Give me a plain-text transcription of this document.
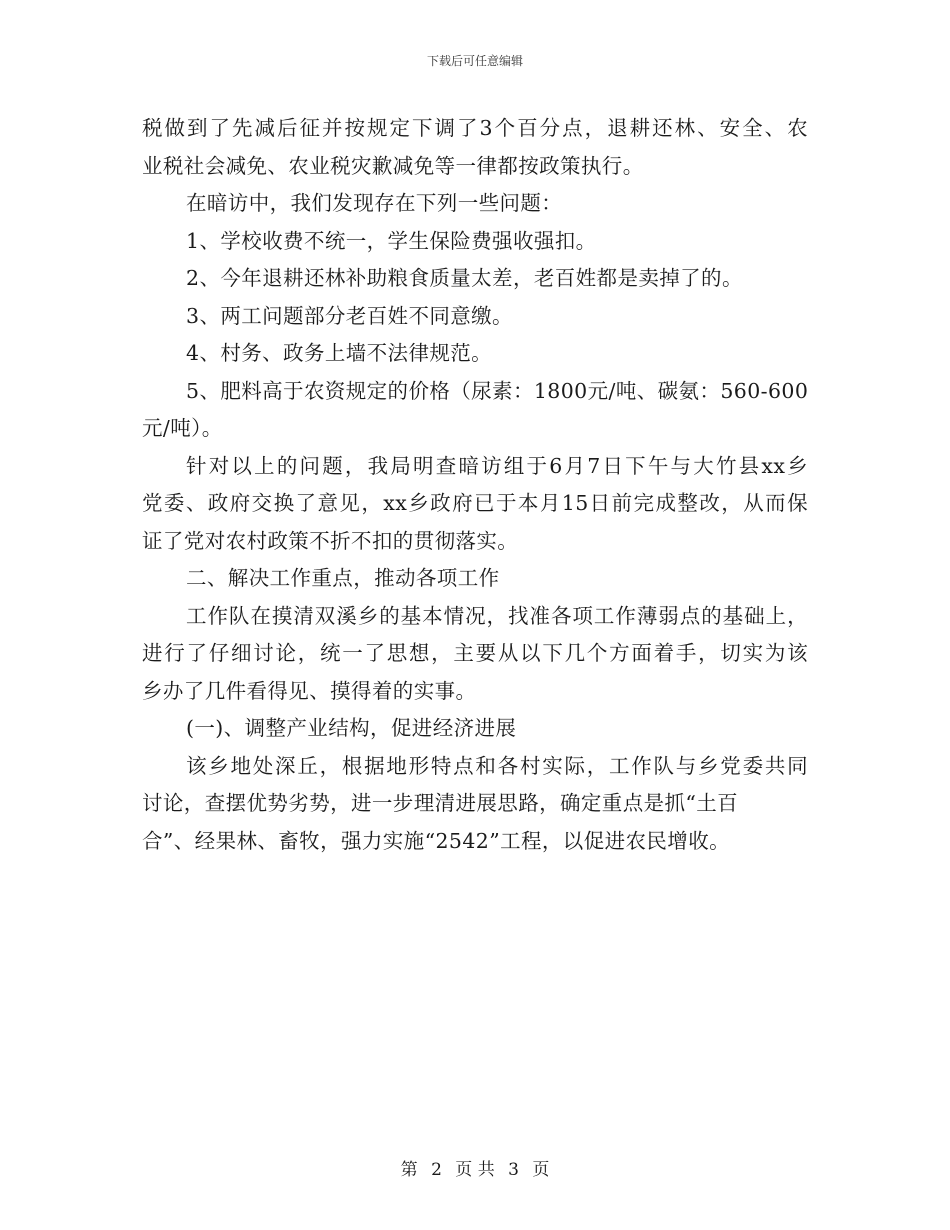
下载后可任意编辑
税做到了先减后征并按规定下调了3个百分点，退耕还林、安全、农
业税社会减免、农业税灾歉减免等一律都按政策执行。
在暗访中，我们发现存在下列一些问题：
1、学校收费不统一，学生保险费强收强扣。
2、今年退耕还林补助粮食质量太差，老百姓都是卖掉了的。
3、两工问题部分老百姓不同意缴。
4、村务、政务上墙不法律规范。
5、肥料高于农资规定的价格（尿素：1800元/吨、碳氨：560-600
元/吨）。
针对以上的问题，我局明查暗访组于6月7日下午与大竹县xx乡
党委、政府交换了意见，xx乡政府已于本月15日前完成整改，从而保
证了党对农村政策不折不扣的贯彻落实。
二、解决工作重点，推动各项工作
工作队在摸清双溪乡的基本情况，找准各项工作薄弱点的基础上，
进行了仔细讨论，统一了思想，主要从以下几个方面着手，切实为该
乡办了几件看得见、摸得着的实事。
(一)、调整产业结构，促进经济进展
该乡地处深丘，根据地形特点和各村实际，工作队与乡党委共同
讨论，查摆优势劣势，进一步理清进展思路，确定重点是抓“土百
合”、经果林、畜牧，强力实施“2542”工程，以促进农民增收。
第 2 页 共 3 页
